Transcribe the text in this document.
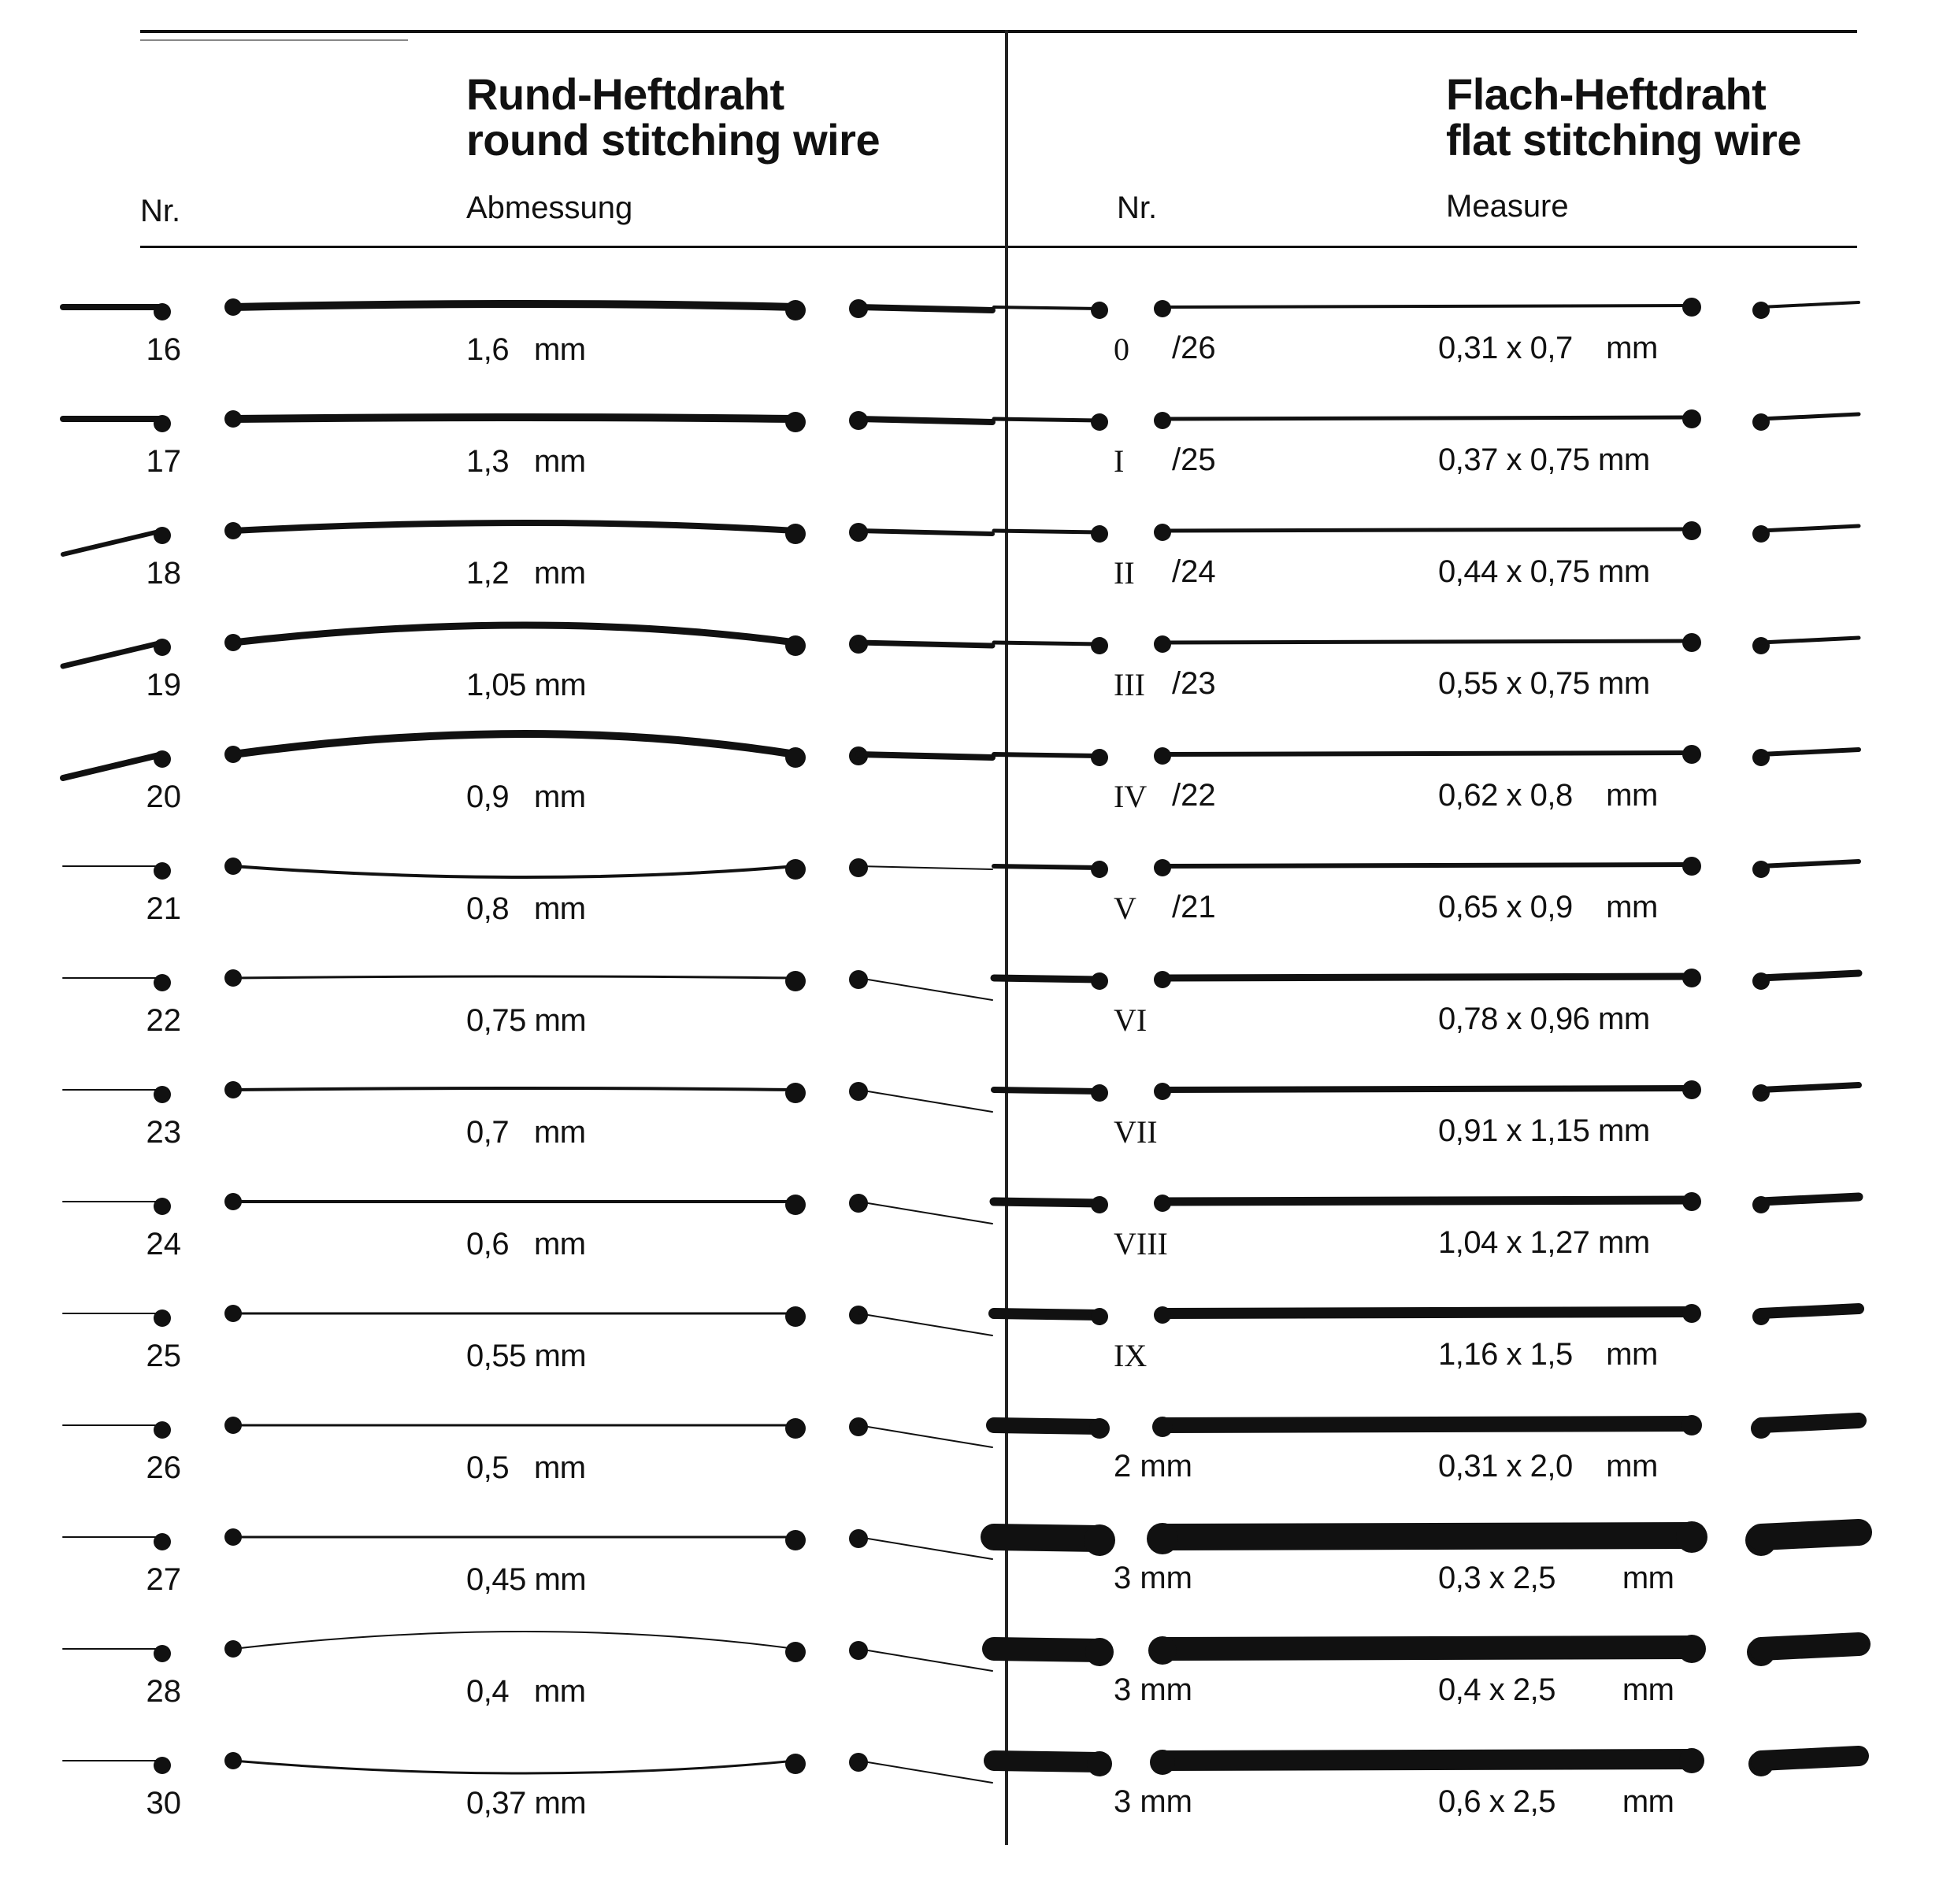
Rund-Heftdraht
round stitching wire
Nr.	Abmessung
Flach-Heftdraht
flat stitching wire
Nr.	Measure
16	1,6   mm
17	1,3   mm
18	1,2   mm
19	1,05 mm
20	0,9   mm
21	0,8   mm
22	0,75 mm
23	0,7   mm
24	0,6   mm
25	0,55 mm
26	0,5   mm
27	0,45 mm
28	0,4   mm
30	0,37 mm
0 /26	0,31 x 0,7    mm
I /25	0,37 x 0,75 mm
II /24	0,44 x 0,75 mm
III /23	0,55 x 0,75 mm
IV /22	0,62 x 0,8    mm
V /21	0,65 x 0,9    mm
VI	0,78 x 0,96 mm
VII	0,91 x 1,15 mm
VIII	1,04 x 1,27 mm
IX	1,16 x 1,5    mm
2 mm	0,31 x 2,0    mm
3 mm	0,3 x 2,5        mm
3 mm	0,4 x 2,5        mm
3 mm	0,6 x 2,5        mm
